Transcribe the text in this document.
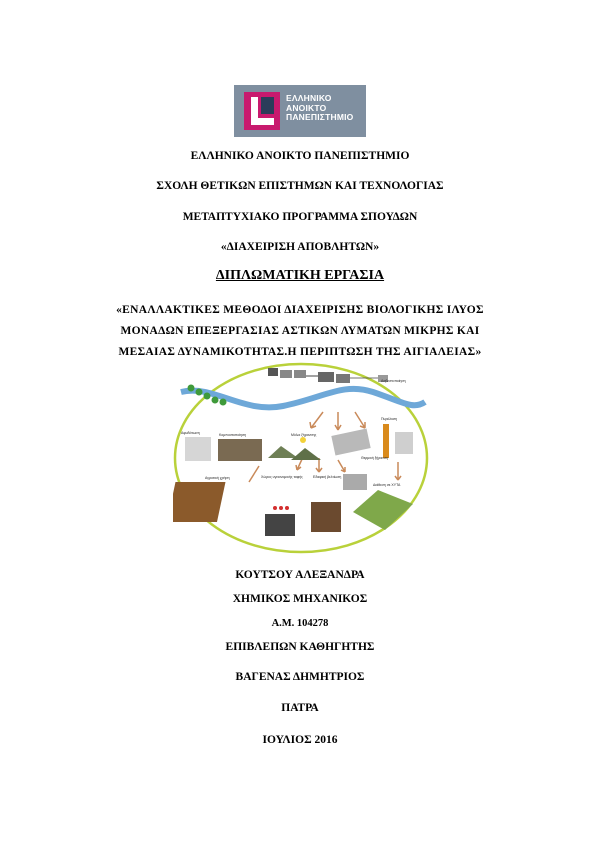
ΕΛΛΗΝΙΚΟ
ΑΝΟΙΚΤΟ
ΠΑΝΕΠΙΣΤΗΜΙΟ
ΕΛΛΗΝΙΚΟ ΑΝΟΙΚΤΟ ΠΑΝΕΠΙΣΤΗΜΙΟ
ΣΧΟΛΗ ΘΕΤΙΚΩΝ ΕΠΙΣΤΗΜΩΝ ΚΑΙ ΤΕΧΝΟΛΟΓΙΑΣ
ΜΕΤΑΠΤΥΧΙΑΚΟ ΠΡΟΓΡΑΜΜΑ ΣΠΟΥΔΩΝ
«ΔΙΑΧΕΙΡΙΣΗ ΑΠΟΒΛΗΤΩΝ»
ΔΙΠΛΩΜΑΤΙΚΗ ΕΡΓΑΣΙΑ
«ΕΝΑΛΛΑΚΤΙΚΕΣ ΜΕΘΟΔΟΙ ΔΙΑΧΕΙΡΙΣΗΣ ΒΙΟΛΟΓΙΚΗΣ ΙΛΥΟΣ
ΜΟΝΑΔΩΝ ΕΠΕΞΕΡΓΑΣΙΑΣ ΑΣΤΙΚΩΝ ΛΥΜΑΤΩΝ ΜΙΚΡΗΣ ΚΑΙ
ΜΕΣΑΙΑΣ ΔΥΝΑΜΙΚΟΤΗΤΑΣ.Η ΠΕΡΙΠΤΩΣΗ ΤΗΣ ΑΙΓΙΑΛΕΙΑΣ»
Αφυδάτωση	Κομποστοποίηση	Μύλοι ξήρανσης
Θερμική ξήρανση
Πυρόλυση
Ασβεστοποίηση
Αγροτική χρήση	Χώρος υγειονομικής ταφής	Εδαφική βελτίωση
Διάθεση σε ΧΥΤΑ
ΚΟΥΤΣΟΥ ΑΛΕΞΑΝΔΡΑ
ΧΗΜΙΚΟΣ ΜΗΧΑΝΙΚΟΣ
Α.Μ. 104278
ΕΠΙΒΛΕΠΩΝ ΚΑΘΗΓΗΤΗΣ
ΒΑΓΕΝΑΣ ΔΗΜΗΤΡΙΟΣ
ΠΑΤΡΑ
ΙΟΥΛΙΟΣ 2016
